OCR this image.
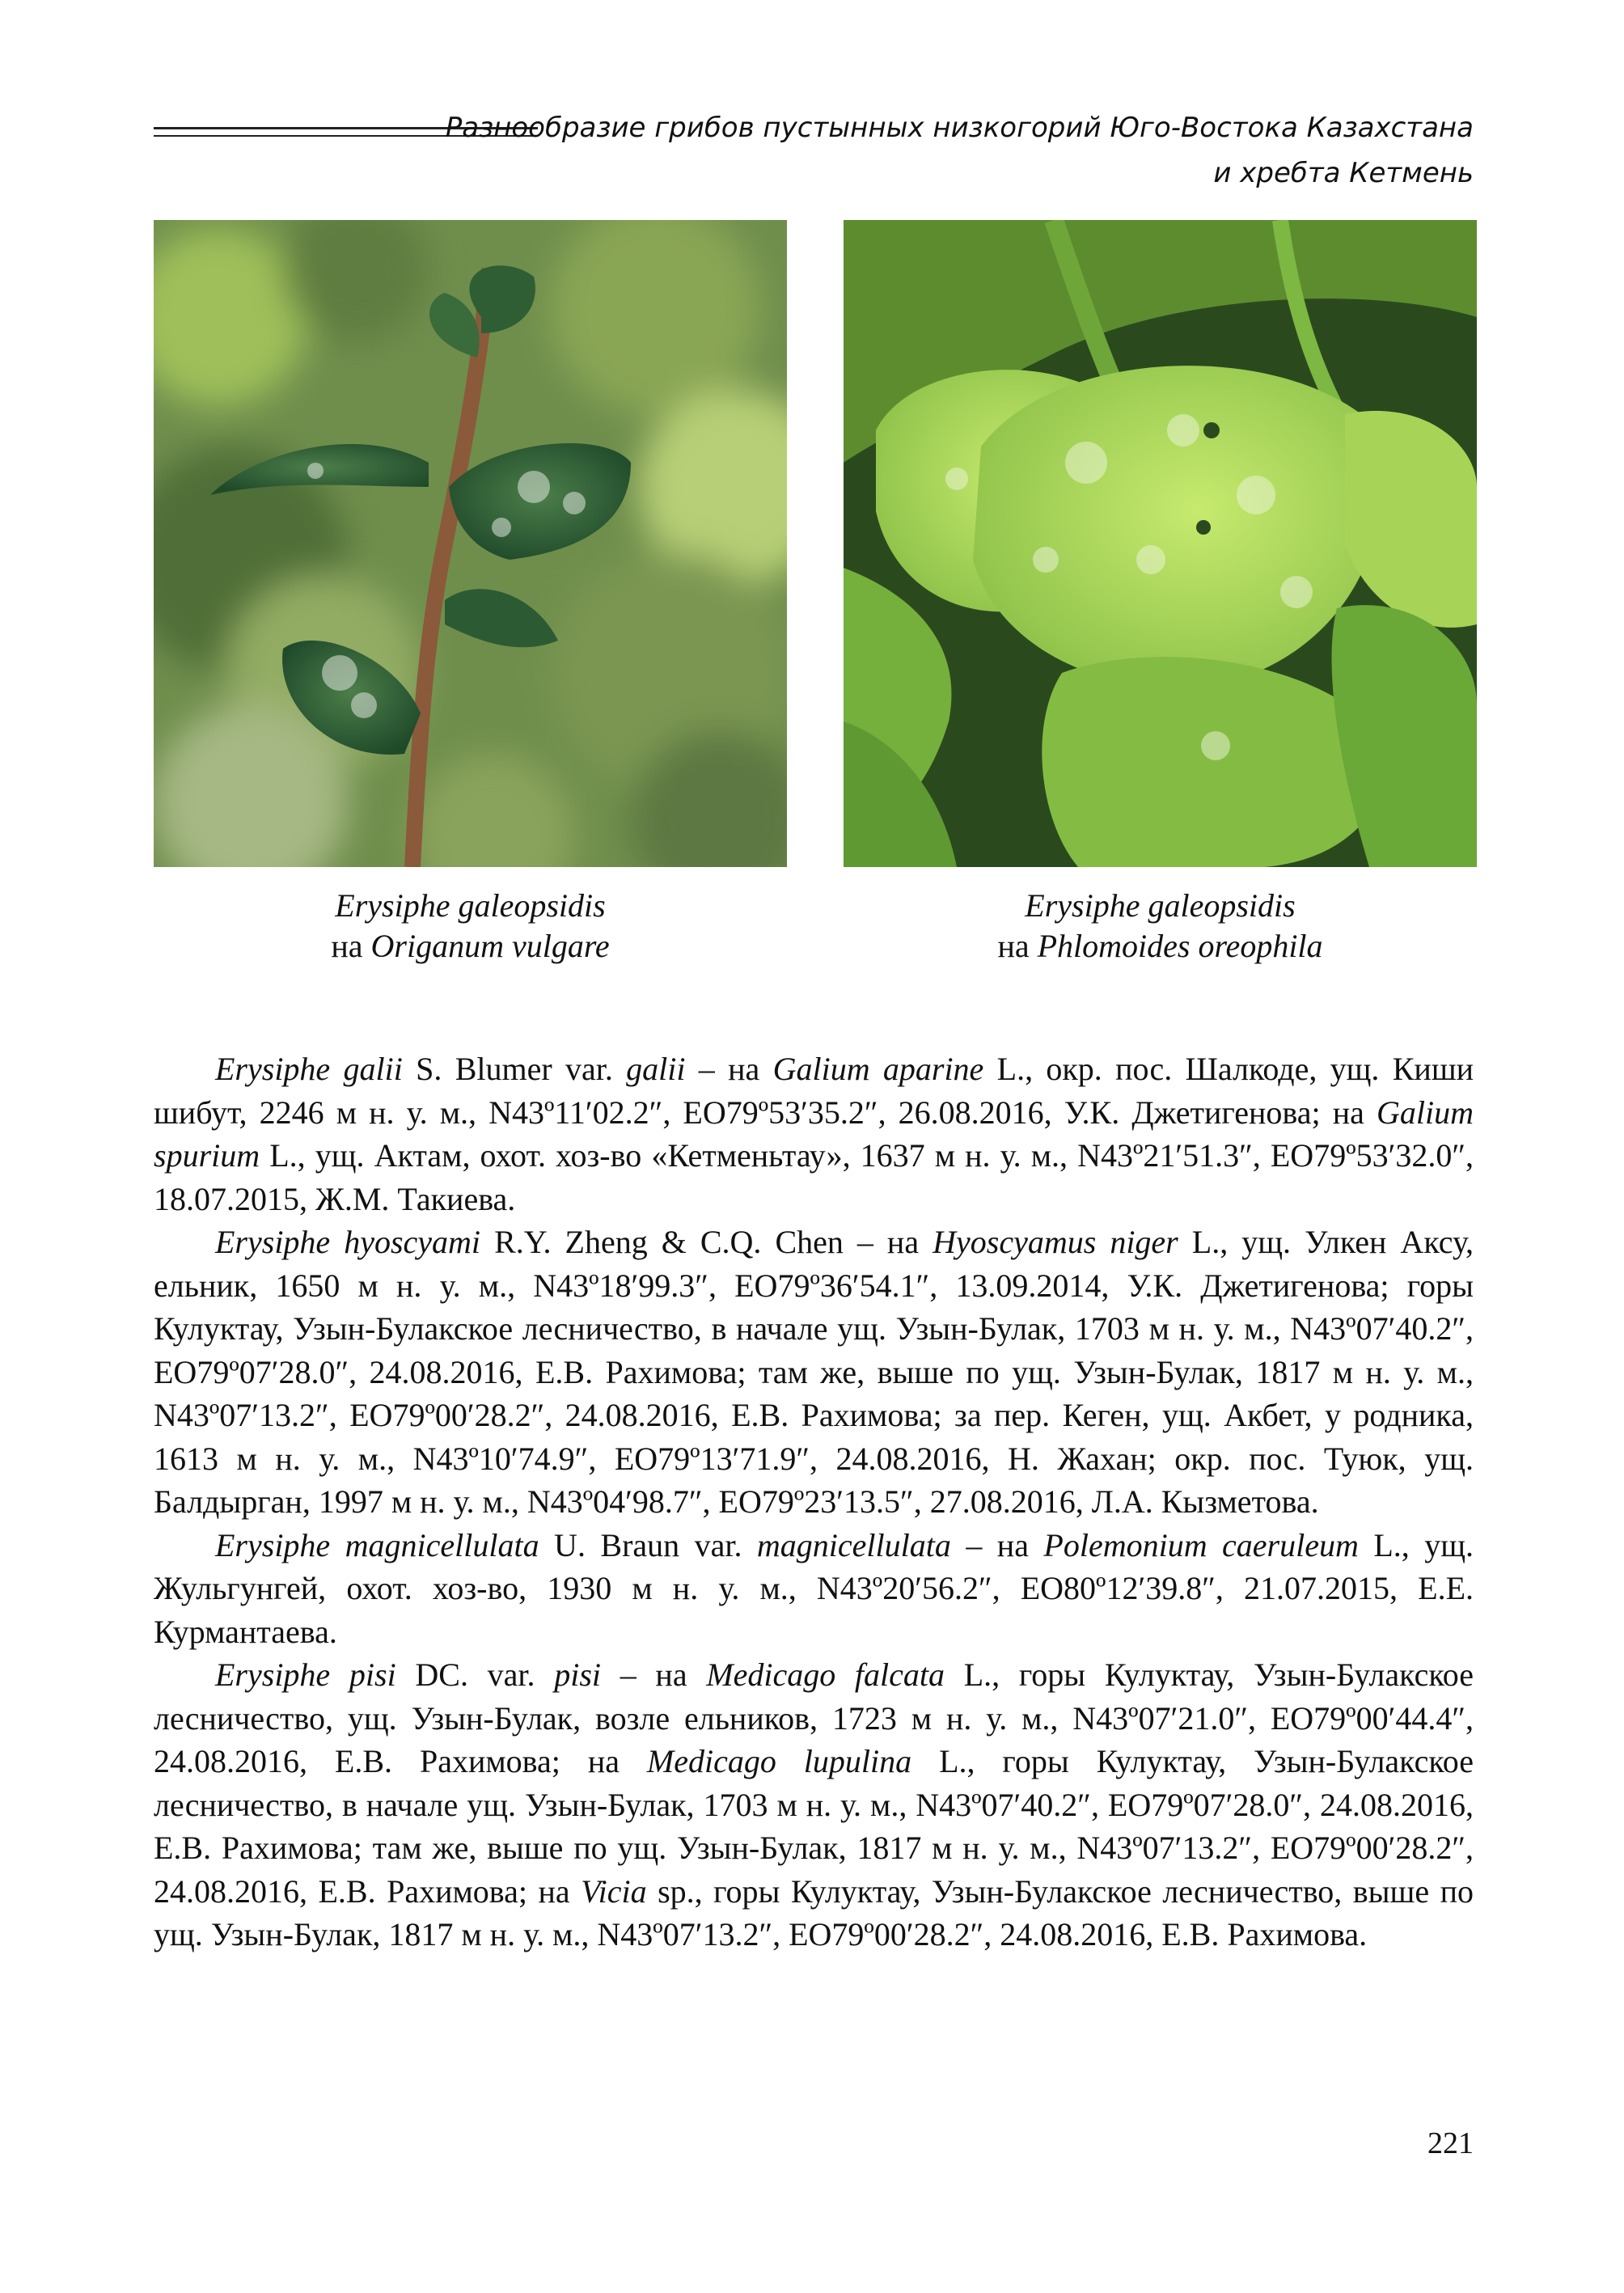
Разнообразие грибов пустынных низкогорий Юго-Востока Казахстана
и хребта Кетмень
Erysiphe galeopsidis
на Origanum vulgare
Erysiphe galeopsidis
на Phlomoides oreophila

Erysiphe galii S. Blumer var. galii – на Galium aparine L., окр. пос. Шалкоде, ущ. Киши шибут, 2246 м н. у. м., N43º11′02.2″, EO79º53′35.2″, 26.08.2016, У.К. Джетигенова; на Galium spurium L., ущ. Актам, охот. хоз-во «Кетменьтау», 1637 м н. у. м., N43º21′51.3″, EO79º53′32.0″, 18.07.2015, Ж.М. Такиева.

Erysiphe hyoscyami R.Y. Zheng & C.Q. Chen – на Hyoscyamus niger L., ущ. Улкен Аксу, ельник, 1650 м н. у. м., N43º18′99.3″, EO79º36′54.1″, 13.09.2014, У.К. Джетигенова; горы Кулуктау, Узын-Булакское лесничество, в начале ущ. Узын-Булак, 1703 м н. у. м., N43º07′40.2″, EO79º07′28.0″, 24.08.2016, Е.В. Рахимова; там же, выше по ущ. Узын-Булак, 1817 м н. у. м., N43º07′13.2″, EO79º00′28.2″, 24.08.2016, Е.В. Рахимова; за пер. Кеген, ущ. Акбет, у родника, 1613 м н. у. м., N43º10′74.9″, EO79º13′71.9″, 24.08.2016, Н. Жахан; окр. пос. Туюк, ущ. Балдырган, 1997 м н. у. м., N43º04′98.7″, EO79º23′13.5″, 27.08.2016, Л.А. Кызметова.

Erysiphe magnicellulata U. Braun var. magnicellulata – на Polemonium caeruleum L., ущ. Жульгунгей, охот. хоз-во, 1930 м н. у. м., N43º20′56.2″, EO80º12′39.8″, 21.07.2015, Е.Е. Курмантаева.

Erysiphe pisi DC. var. pisi – на Medicago falcata L., горы Кулуктау, Узын-Булакское лесничество, ущ. Узын-Булак, возле ельников, 1723 м н. у. м., N43º07′21.0″, EO79º00′44.4″, 24.08.2016, Е.В. Рахимова; на Medicago lupulina L., горы Кулуктау, Узын-Булакское лесничество, в начале ущ. Узын-Булак, 1703 м н. у. м., N43º07′40.2″, EO79º07′28.0″, 24.08.2016, Е.В. Рахимова; там же, выше по ущ. Узын-Булак, 1817 м н. у. м., N43º07′13.2″, EO79º00′28.2″, 24.08.2016, Е.В. Рахимова; на Vicia sp., горы Кулуктау, Узын-Булакское лесничество, выше по ущ. Узын-Булак, 1817 м н. у. м., N43º07′13.2″, EO79º00′28.2″, 24.08.2016, Е.В. Рахимова.

221
